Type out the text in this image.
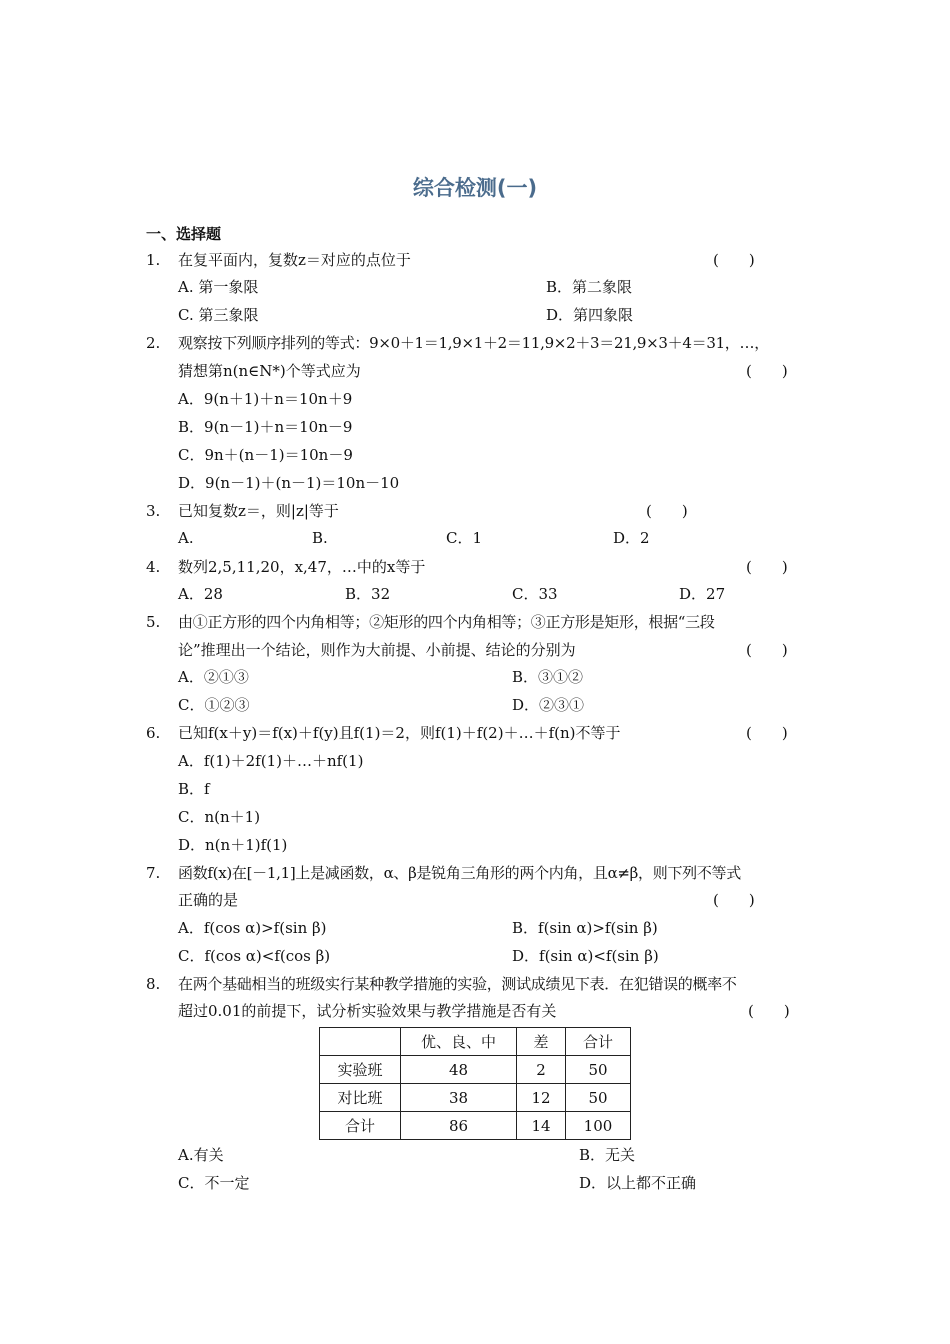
综合检测(一)
一、选择题
1. 在复平面内，复数z＝对应的点位于	(　　)
A. 第一象限	B．第二象限
C. 第三象限	D．第四象限
2. 观察按下列顺序排列的等式：9×0＋1＝1,9×1＋2＝11,9×2＋3＝21,9×3＋4＝31，…，
猜想第n(n∈N*)个等式应为	(　　)
A．9(n＋1)＋n＝10n＋9
B．9(n－1)＋n＝10n－9
C．9n＋(n－1)＝10n－9
D．9(n－1)＋(n－1)＝10n－10
3. 已知复数z＝，则|z|等于	(　　)
A.	B.	C．1	D．2
4. 数列2,5,11,20，x,47，…中的x等于	(　　)
A．28	B．32	C．33	D．27
5. 由①正方形的四个内角相等；②矩形的四个内角相等；③正方形是矩形，根据“三段
论”推理出一个结论，则作为大前提、小前提、结论的分别为	(　　)
A．②①③	B．③①②
C．①②③	D．②③①
6. 已知f(x＋y)＝f(x)＋f(y)且f(1)＝2，则f(1)＋f(2)＋…＋f(n)不等于	(　　)
A．f(1)＋2f(1)＋…＋nf(1)
B．f
C．n(n＋1)
D．n(n＋1)f(1)
7. 函数f(x)在[－1,1]上是减函数，α、β是锐角三角形的两个内角，且α≠β，则下列不等式
正确的是	(　　)
A．f(cos α)>f(sin β)	B．f(sin α)>f(sin β)
C．f(cos α)<f(cos β)	D．f(sin α)<f(sin β)
8. 在两个基础相当的班级实行某种教学措施的实验，测试成绩见下表．在犯错误的概率不
超过0.01的前提下，试分析实验效果与教学措施是否有关	(　　)
	优、良、中	差	合计
实验班	48	2	50
对比班	38	12	50
合计	86	14	100
A.有关	B．无关
C．不一定	D．以上都不正确
